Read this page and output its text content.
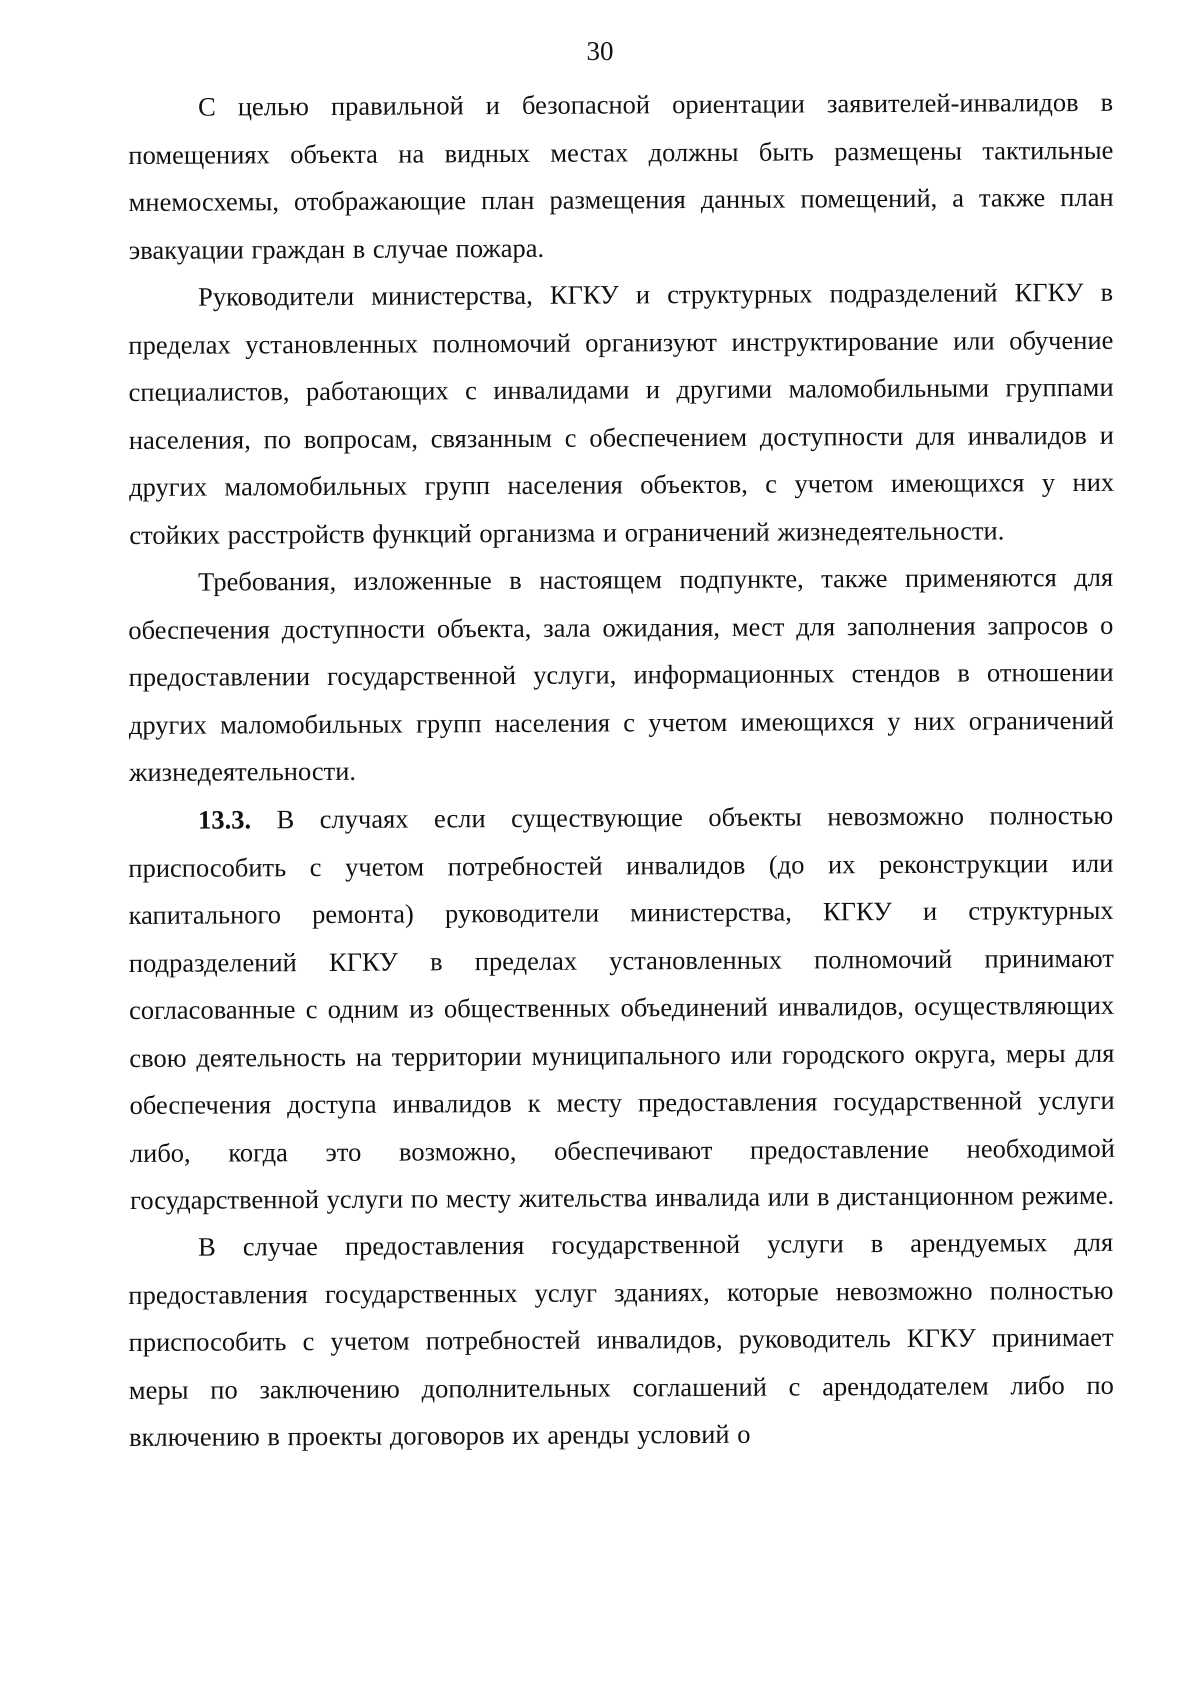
30

С целью правильной и безопасной ориентации заявителей-инвалидов в помещениях объекта на видных местах должны быть размещены тактильные мнемосхемы, отображающие план размещения данных помещений, а также план эвакуации граждан в случае пожара.

Руководители министерства, КГКУ и структурных подразделений КГКУ в пределах установленных полномочий организуют инструктирование или обучение специалистов, работающих с инвалидами и другими маломобильными группами населения, по вопросам, связанным с обеспечением доступности для инвалидов и других маломобильных групп населения объектов, с учетом имеющихся у них стойких расстройств функций организма и ограничений жизнедеятельности.

Требования, изложенные в настоящем подпункте, также применяются для обеспечения доступности объекта, зала ожидания, мест для заполнения запросов о предоставлении государственной услуги, информационных стендов в отношении других маломобильных групп населения с учетом имеющихся у них ограничений жизнедеятельности.

13.3. В случаях если существующие объекты невозможно полностью приспособить с учетом потребностей инвалидов (до их реконструкции или капитального ремонта) руководители министерства, КГКУ и структурных подразделений КГКУ в пределах установленных полномочий принимают согласованные с одним из общественных объединений инвалидов, осуществляющих свою деятельность на территории муниципального или городского округа, меры для обеспечения доступа инвалидов к месту предоставления государственной услуги либо, когда это возможно, обеспечивают предоставление необходимой государственной услуги по месту жительства инвалида или в дистанционном режиме.

В случае предоставления государственной услуги в арендуемых для предоставления государственных услуг зданиях, которые невозможно полностью приспособить с учетом потребностей инвалидов, руководитель КГКУ принимает меры по заключению дополнительных соглашений с арендодателем либо по включению в проекты договоров их аренды условий о
